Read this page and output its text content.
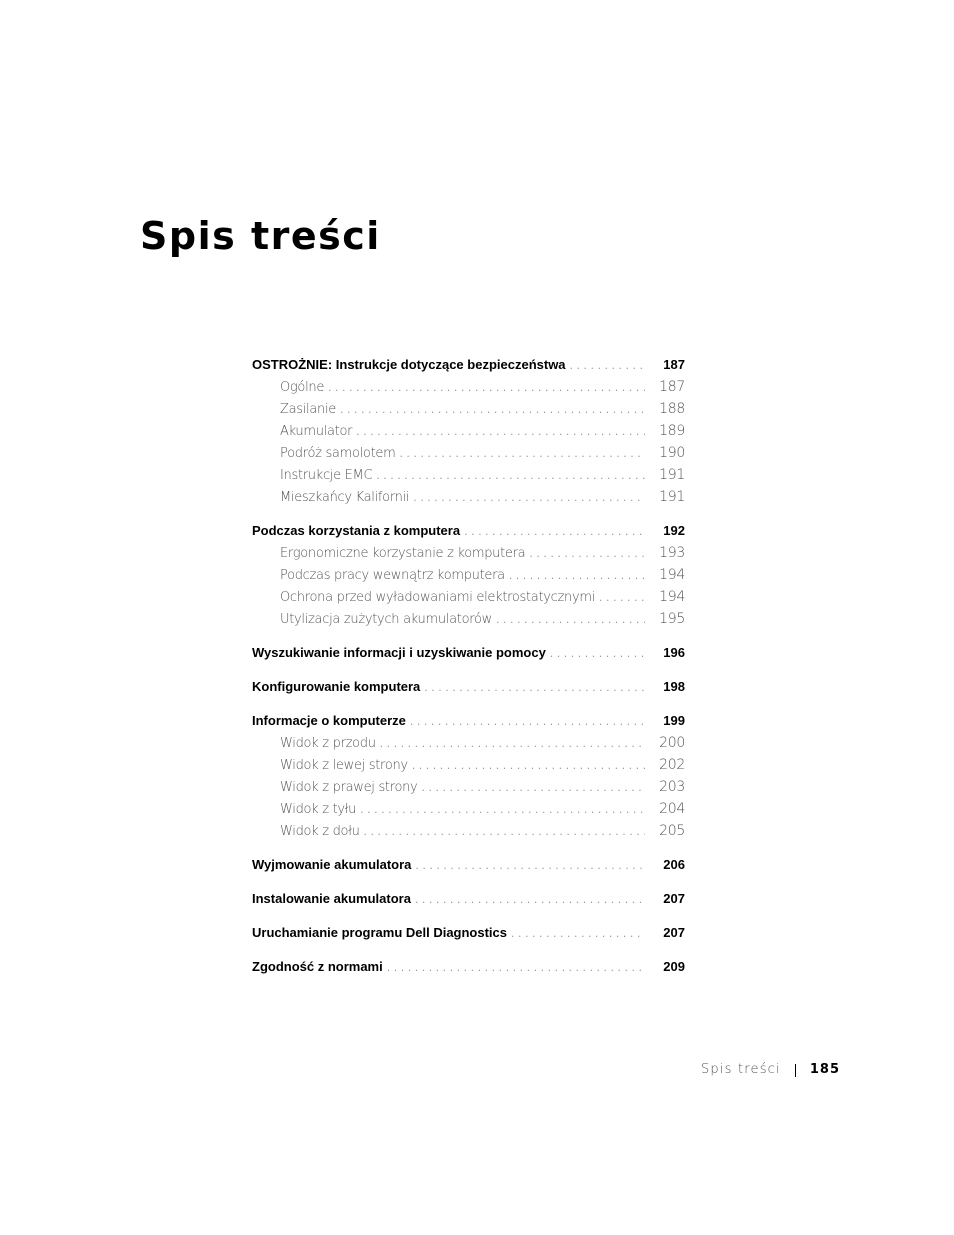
Spis treści
OSTROŻNIE: Instrukcje dotyczące bezpieczeństwa . . .	187
Ogólne . . .	187
Zasilanie . . .	188
Akumulator . . .	189
Podróż samolotem . . .	190
Instrukcje EMC . . .	191
Mieszkańcy Kalifornii . . .	191
Podczas korzystania z komputera . . .	192
Ergonomiczne korzystanie z komputera . . .	193
Podczas pracy wewnątrz komputera . . .	194
Ochrona przed wyładowaniami elektrostatycznymi . . .	194
Utylizacja zużytych akumulatorów . . .	195
Wyszukiwanie informacji i uzyskiwanie pomocy . . .	196
Konfigurowanie komputera . . .	198
Informacje o komputerze . . .	199
Widok z przodu . . .	200
Widok z lewej strony . . .	202
Widok z prawej strony . . .	203
Widok z tyłu . . .	204
Widok z dołu . . .	205
Wyjmowanie akumulatora . . .	206
Instalowanie akumulatora . . .	207
Uruchamianie programu Dell Diagnostics . . .	207
Zgodność z normami . . .	209
Spis treści 185
